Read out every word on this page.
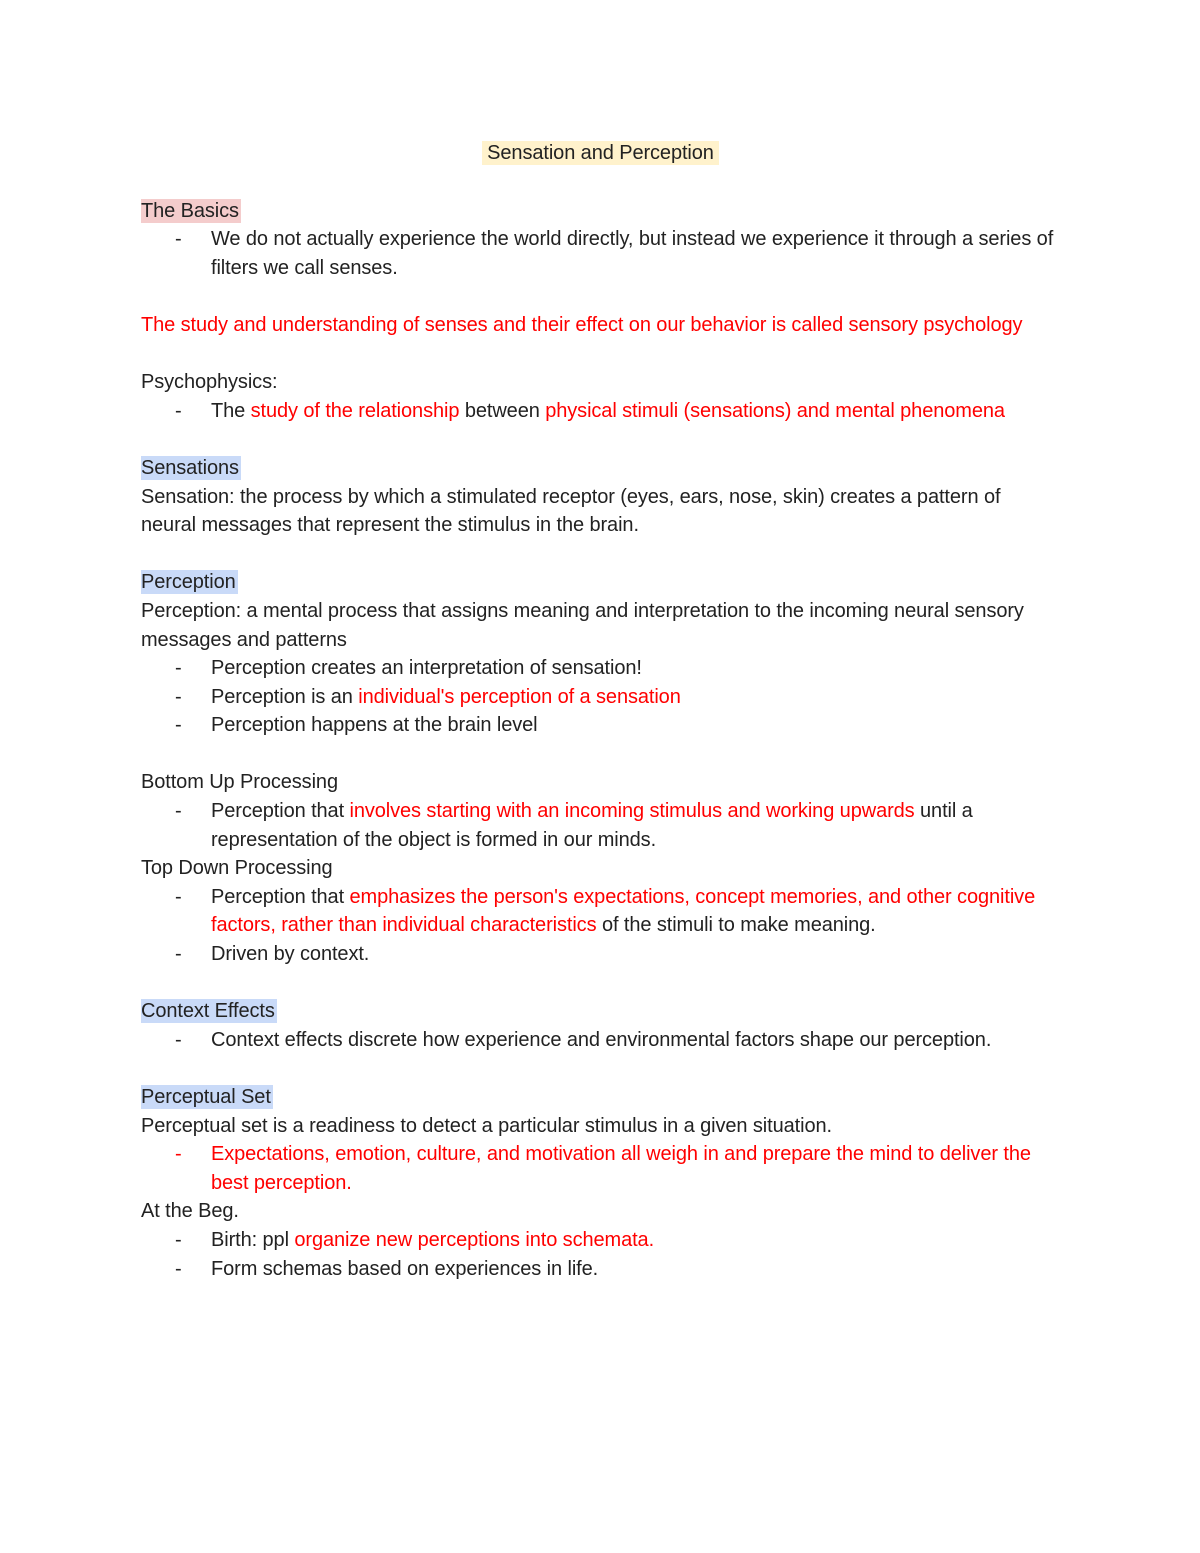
Sensation and Perception

The Basics

- We do not actually experience the world directly, but instead we experience it through a series of filters we call senses.

The study and understanding of senses and their effect on our behavior is called sensory psychology

Psychophysics:

- The study of the relationship between physical stimuli (sensations) and mental phenomena

Sensations

Sensation: the process by which a stimulated receptor (eyes, ears, nose, skin) creates a pattern of neural messages that represent the stimulus in the brain.

Perception

Perception: a mental process that assigns meaning and interpretation to the incoming neural sensory messages and patterns

- Perception creates an interpretation of sensation!
- Perception is an individual's perception of a sensation
- Perception happens at the brain level

Bottom Up Processing

- Perception that involves starting with an incoming stimulus and working upwards until a representation of the object is formed in our minds.

Top Down Processing

- Perception that emphasizes the person's expectations, concept memories, and other cognitive factors, rather than individual characteristics of the stimuli to make meaning.
- Driven by context.

Context Effects

- Context effects discrete how experience and environmental factors shape our perception.

Perceptual Set

Perceptual set is a readiness to detect a particular stimulus in a given situation.

- Expectations, emotion, culture, and motivation all weigh in and prepare the mind to deliver the best perception.

At the Beg.

- Birth: ppl organize new perceptions into schemata.
- Form schemas based on experiences in life.
